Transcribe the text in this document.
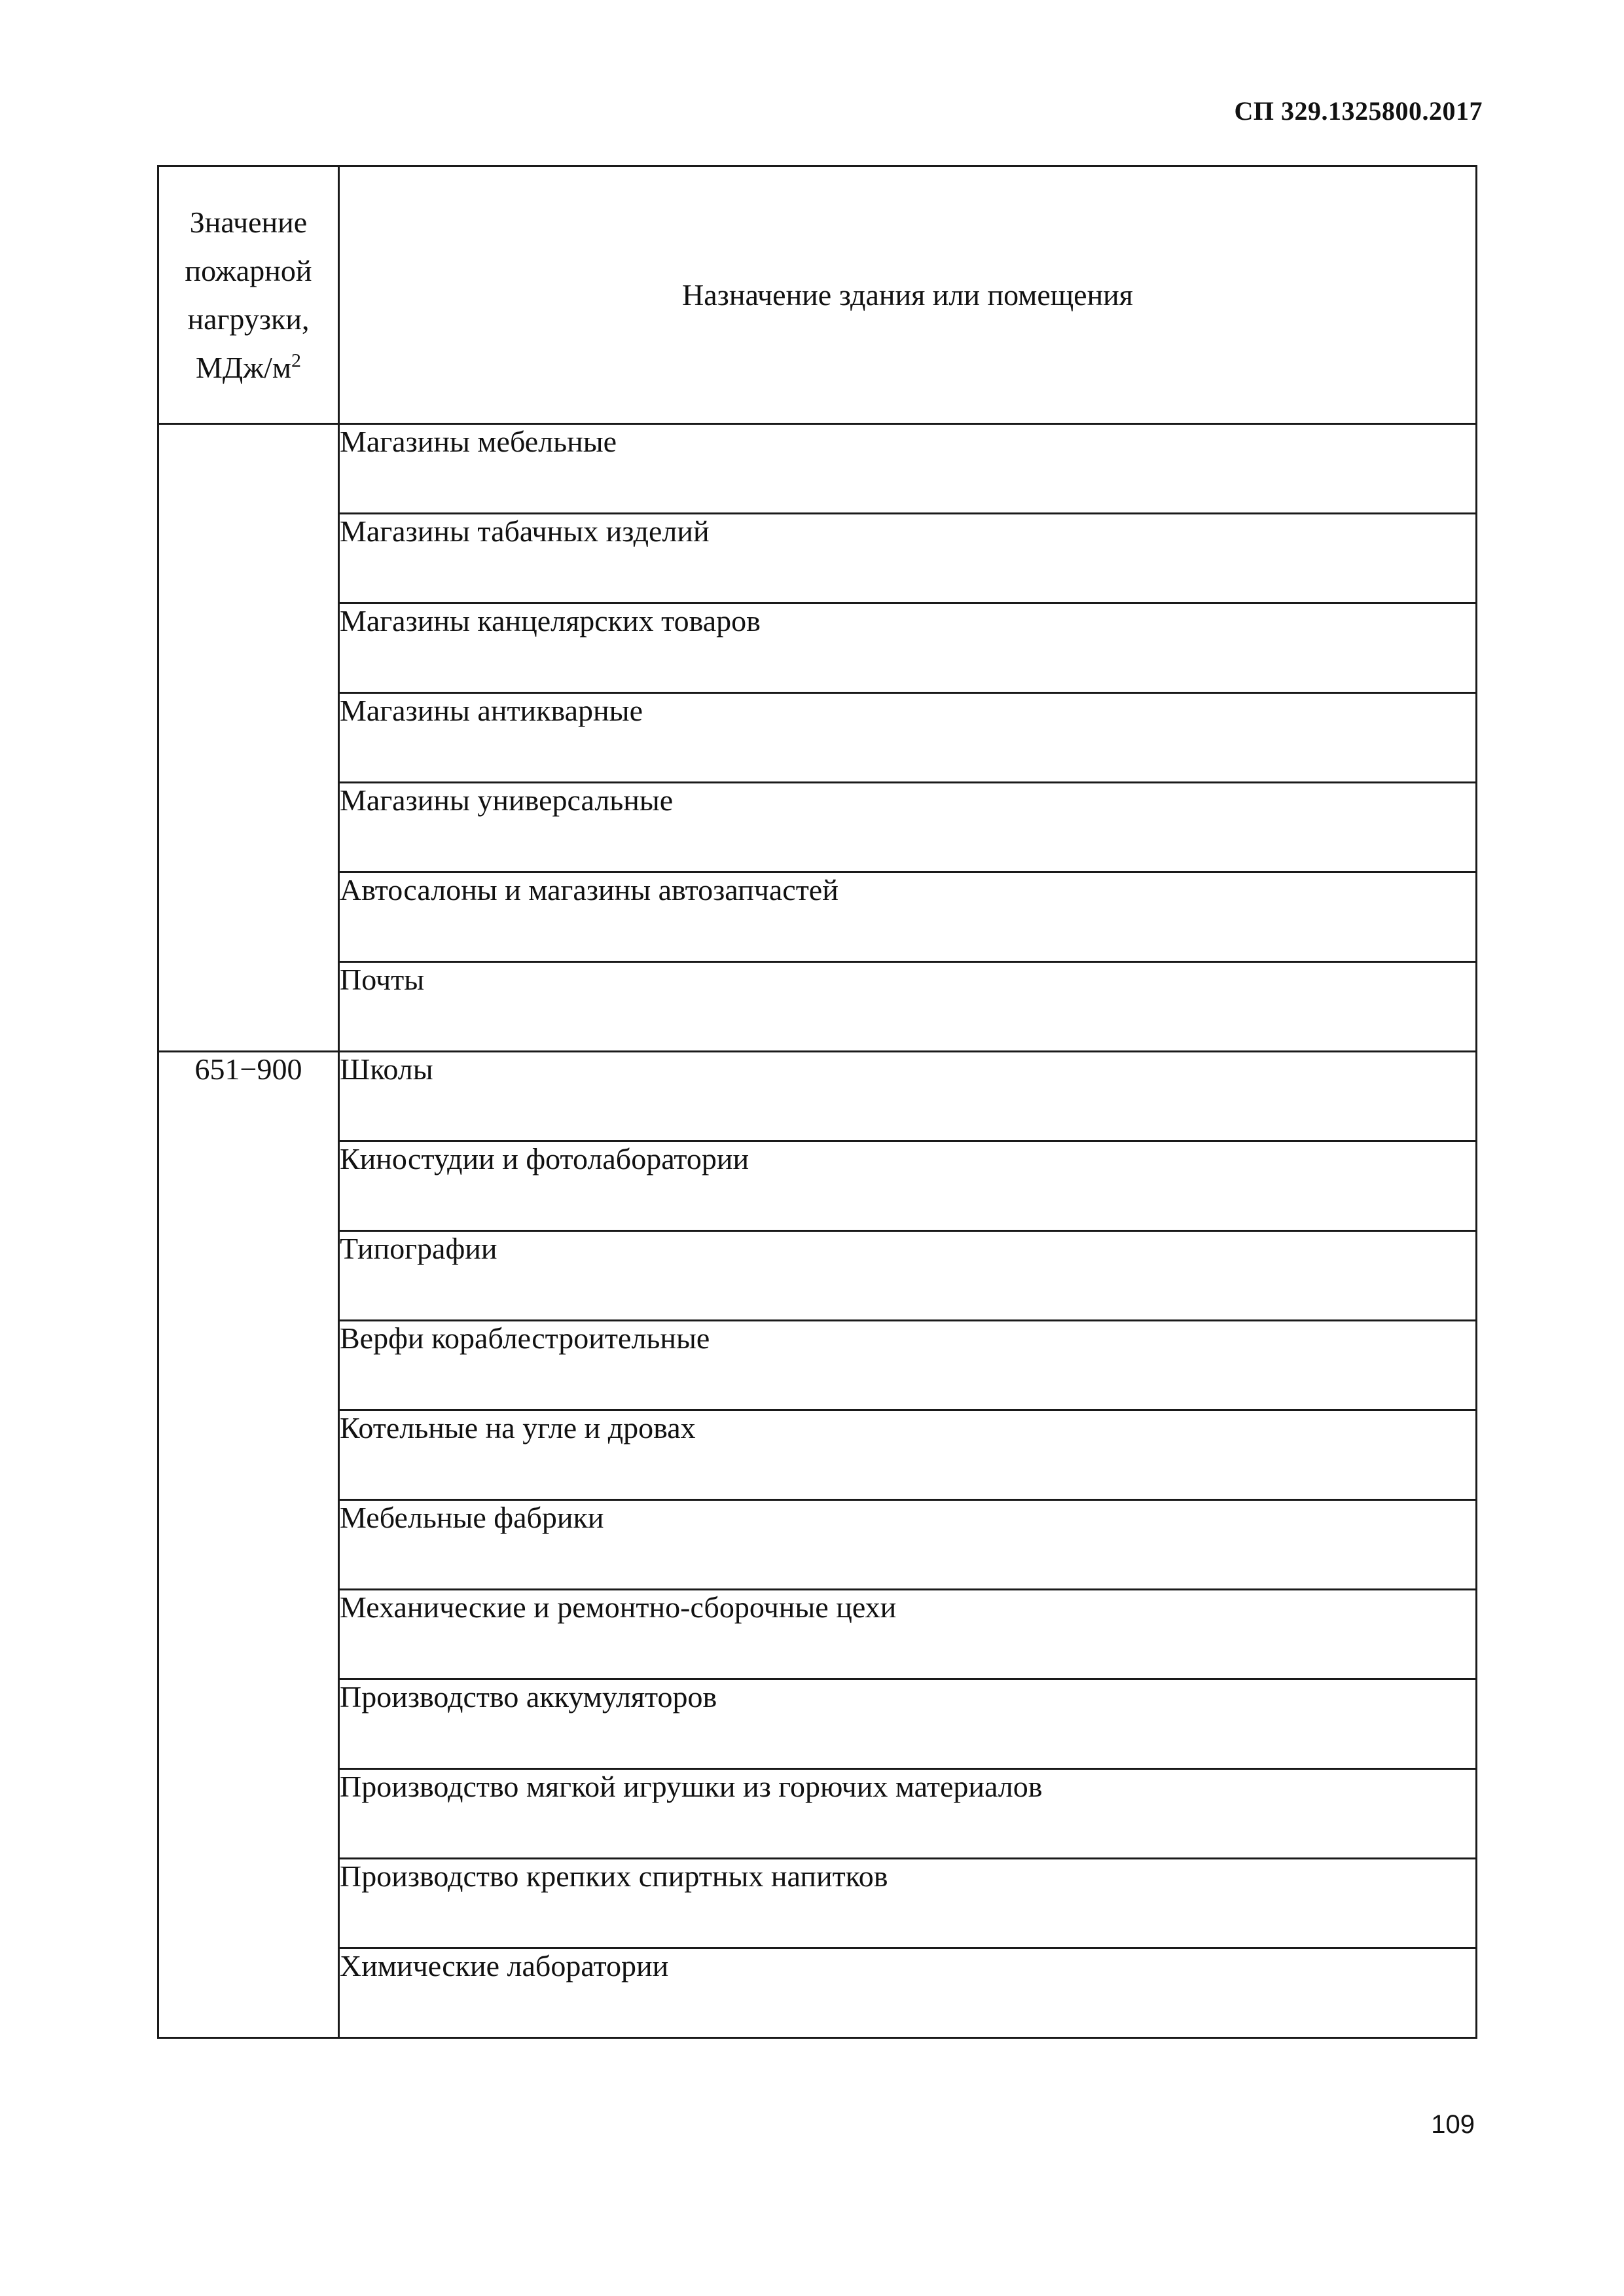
СП 329.1325800.2017
Значение
пожарной
нагрузки,
МДж/$м^2$	Назначение здания или помещения
	Магазины мебельные
	Магазины табачных изделий
	Магазины канцелярских товаров
	Магазины антикварные
	Магазины универсальные
	Автосалоны и магазины автозапчастей
	Почты
651−900	Школы
	Киностудии и фотолаборатории
	Типографии
	Верфи кораблестроительные
	Котельные на угле и дровах
	Мебельные фабрики
	Механические и ремонтно-сборочные цехи
	Производство аккумуляторов
	Производство мягкой игрушки из горючих материалов
	Производство крепких спиртных напитков
	Химические лаборатории
109
